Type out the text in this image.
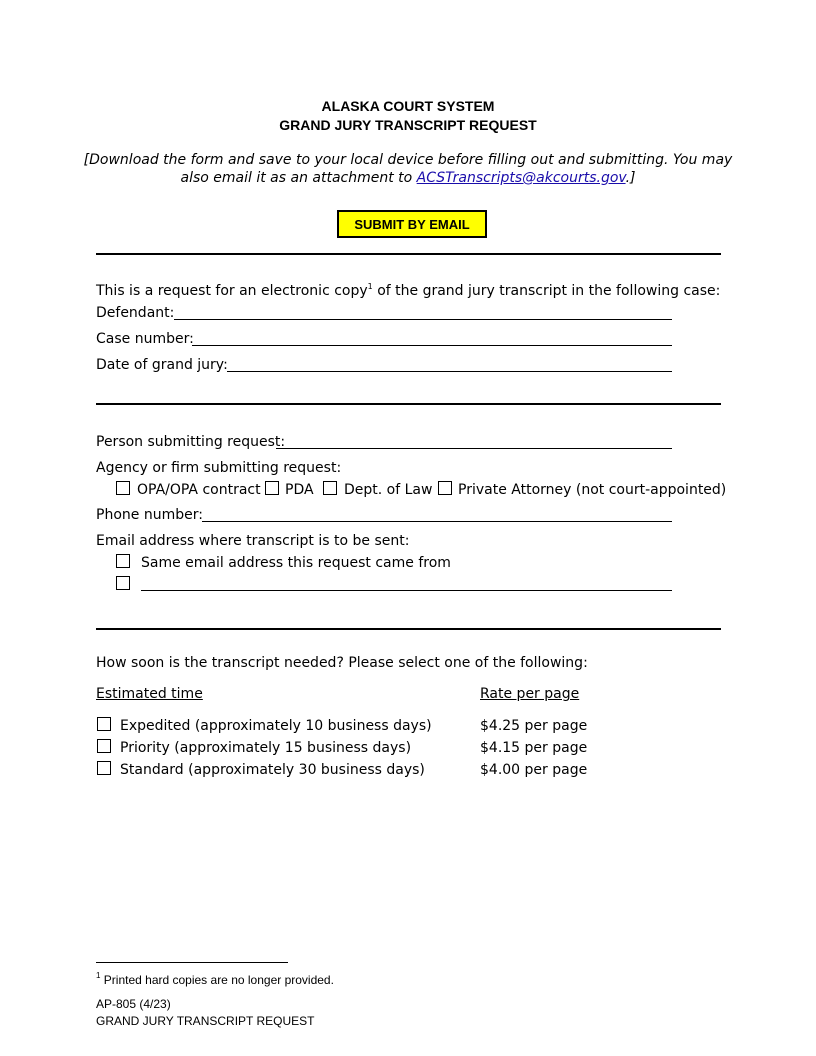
ALASKA COURT SYSTEM
GRAND JURY TRANSCRIPT REQUEST
[Download the form and save to your local device before filling out and submitting. You may
also email it as an attachment to ACSTranscripts@akcourts.gov.]
SUBMIT BY EMAIL
This is a request for an electronic copy$^1$ of the grand jury transcript in the following case:
Defendant:
Case number:
Date of grand jury:
Person submitting request:
Agency or firm submitting request:
OPA/OPA contract PDA Dept. of Law Private Attorney (not court-appointed)
Phone number:
Email address where transcript is to be sent:
Same email address this request came from
How soon is the transcript needed? Please select one of the following:
Estimated time	Rate per page
Expedited (approximately 10 business days)	$4.25 per page
Priority (approximately 15 business days)	$4.15 per page
Standard (approximately 30 business days)	$4.00 per page
$^1$ Printed hard copies are no longer provided.
AP-805 (4/23)
GRAND JURY TRANSCRIPT REQUEST
